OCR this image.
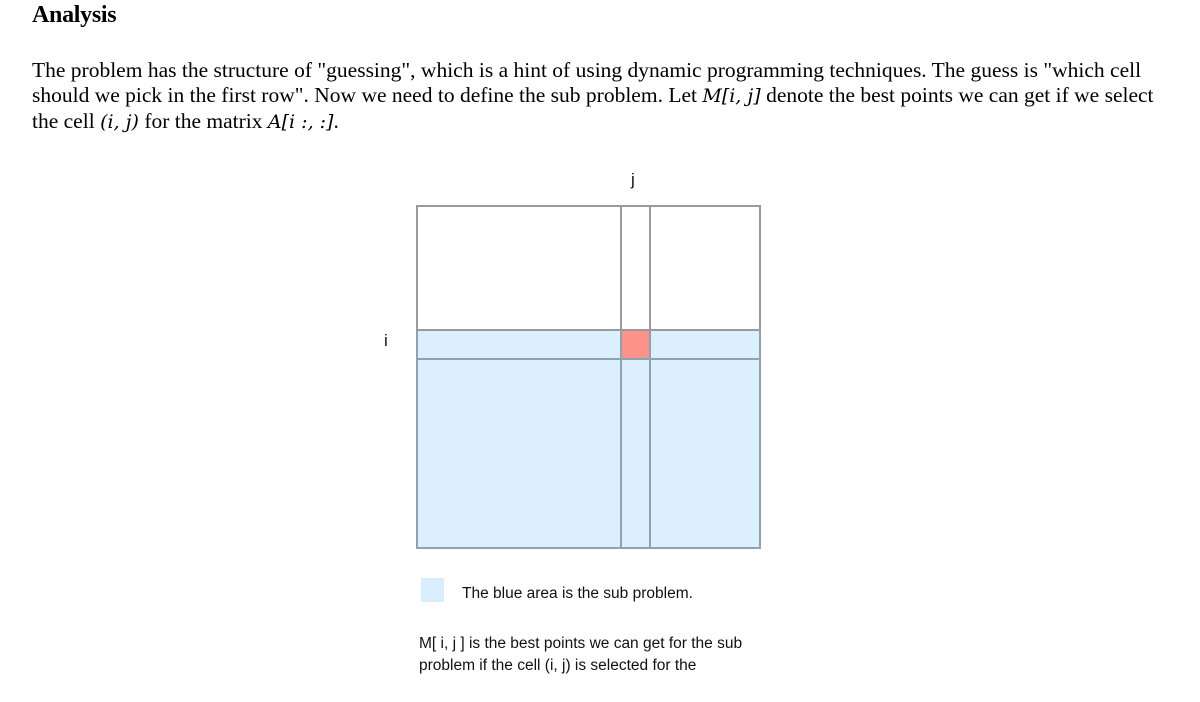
Analysis

The problem has the structure of "guessing", which is a hint of using dynamic programming techniques. The guess is "which cell should we pick in the first row". Now we need to define the sub problem. Let M[i, j] denote the best points we can get if we select the cell (i, j) for the matrix A[i :, :].

j
i
The blue area is the sub problem.
M[ i, j ] is the best points we can get for the sub
problem if the cell (i, j) is selected for the
